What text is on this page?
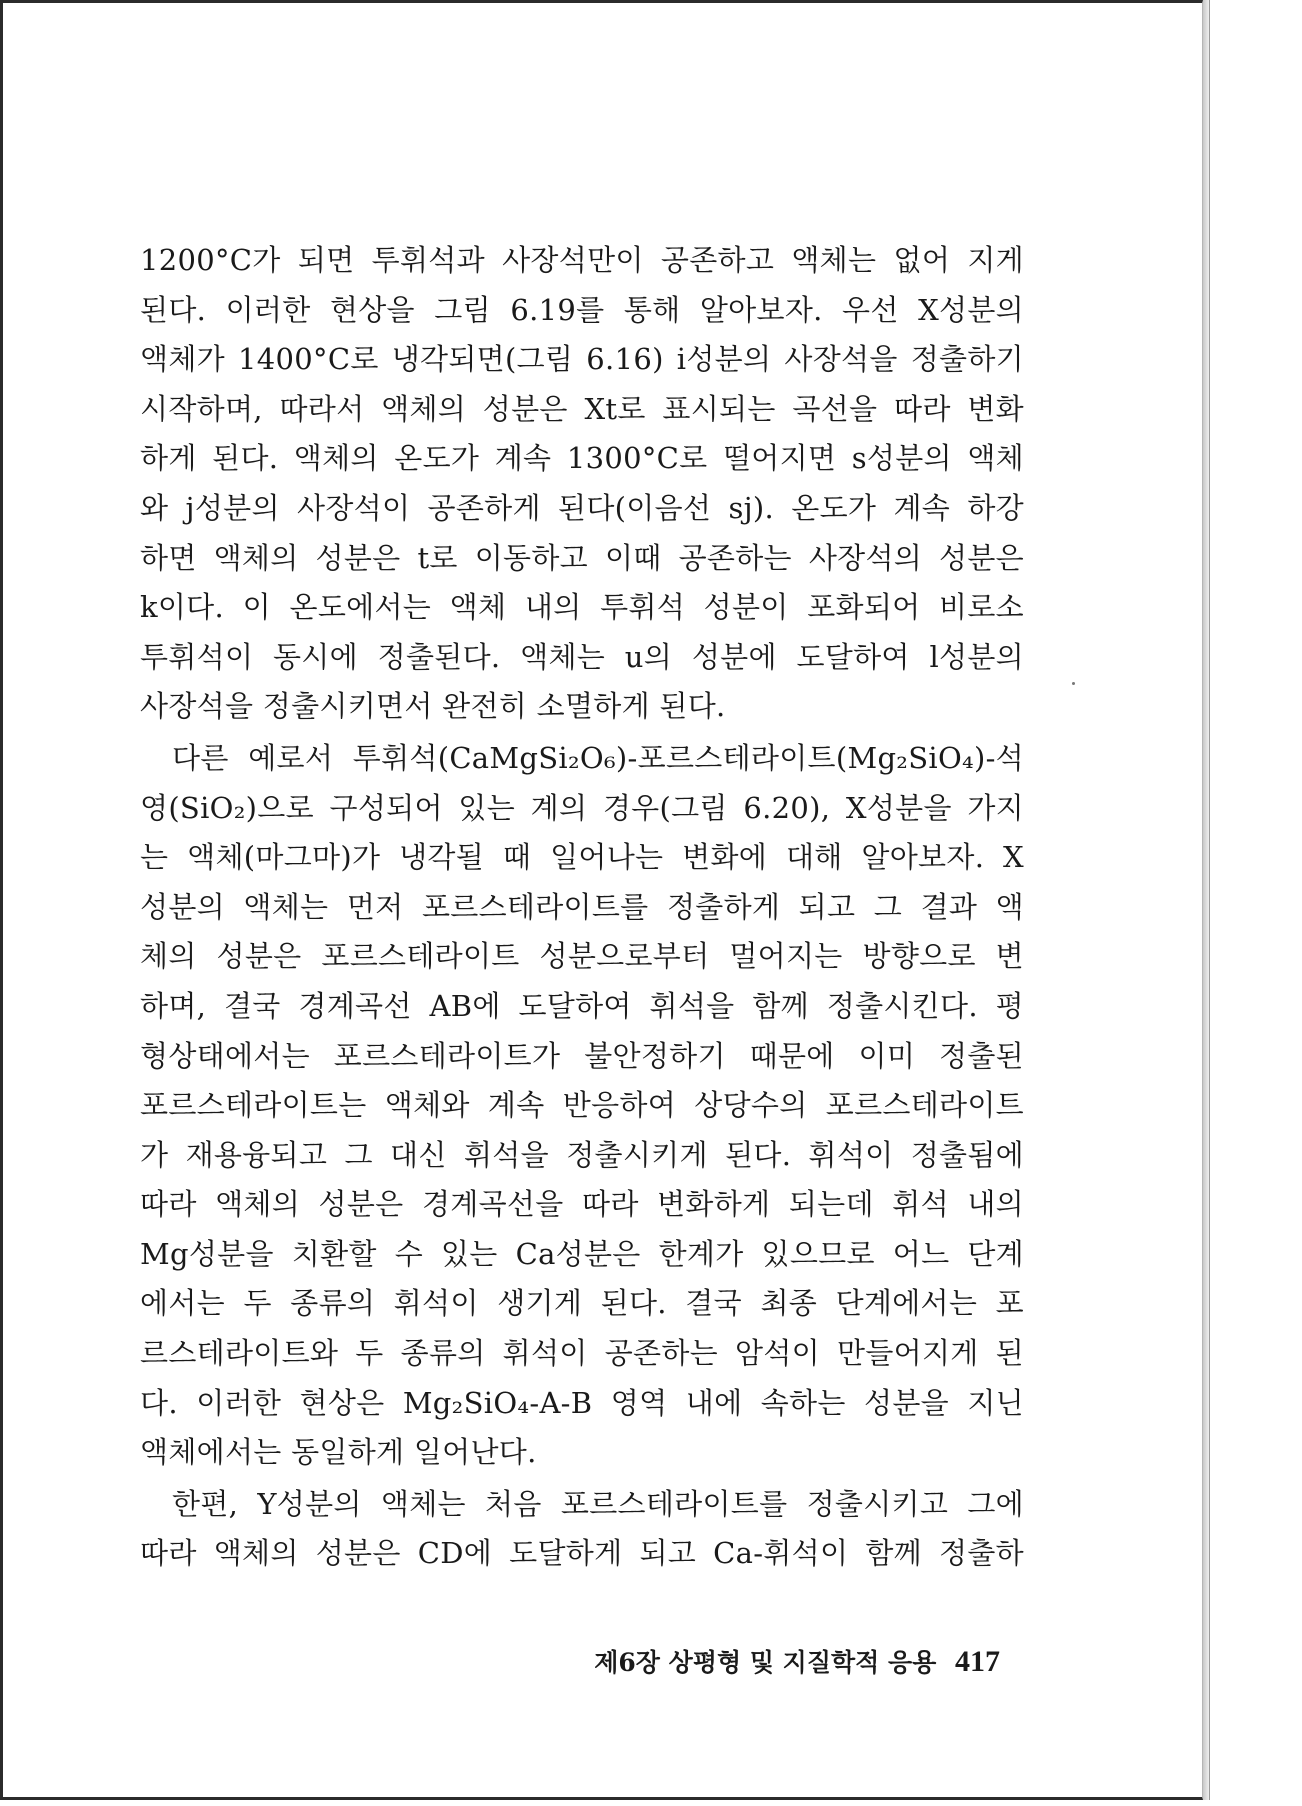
1200°C가 되면 투휘석과 사장석만이 공존하고 액체는 없어 지게
된다. 이러한 현상을 그림 6.19를 통해 알아보자. 우선 X성분의
액체가 1400°C로 냉각되면(그림 6.16) i성분의 사장석을 정출하기
시작하며, 따라서 액체의 성분은 Xt로 표시되는 곡선을 따라 변화
하게 된다. 액체의 온도가 계속 1300°C로 떨어지면 s성분의 액체
와 j성분의 사장석이 공존하게 된다(이음선 sj). 온도가 계속 하강
하면 액체의 성분은 t로 이동하고 이때 공존하는 사장석의 성분은
k이다. 이 온도에서는 액체 내의 투휘석 성분이 포화되어 비로소
투휘석이 동시에 정출된다. 액체는 u의 성분에 도달하여 l성분의
사장석을 정출시키면서 완전히 소멸하게 된다.
다른 예로서 투휘석(CaMgSi₂O₆)-포르스테라이트(Mg₂SiO₄)-석
영(SiO₂)으로 구성되어 있는 계의 경우(그림 6.20), X성분을 가지
는 액체(마그마)가 냉각될 때 일어나는 변화에 대해 알아보자. X
성분의 액체는 먼저 포르스테라이트를 정출하게 되고 그 결과 액
체의 성분은 포르스테라이트 성분으로부터 멀어지는 방향으로 변
하며, 결국 경계곡선 AB에 도달하여 휘석을 함께 정출시킨다. 평
형상태에서는 포르스테라이트가 불안정하기 때문에 이미 정출된
포르스테라이트는 액체와 계속 반응하여 상당수의 포르스테라이트
가 재용융되고 그 대신 휘석을 정출시키게 된다. 휘석이 정출됨에
따라 액체의 성분은 경계곡선을 따라 변화하게 되는데 휘석 내의
Mg성분을 치환할 수 있는 Ca성분은 한계가 있으므로 어느 단계
에서는 두 종류의 휘석이 생기게 된다. 결국 최종 단계에서는 포
르스테라이트와 두 종류의 휘석이 공존하는 암석이 만들어지게 된
다. 이러한 현상은 Mg₂SiO₄-A-B 영역 내에 속하는 성분을 지닌
액체에서는 동일하게 일어난다.
한편, Y성분의 액체는 처음 포르스테라이트를 정출시키고 그에
따라 액체의 성분은 CD에 도달하게 되고 Ca-휘석이 함께 정출하
제6장 상평형 및 지질학적 응용 417
